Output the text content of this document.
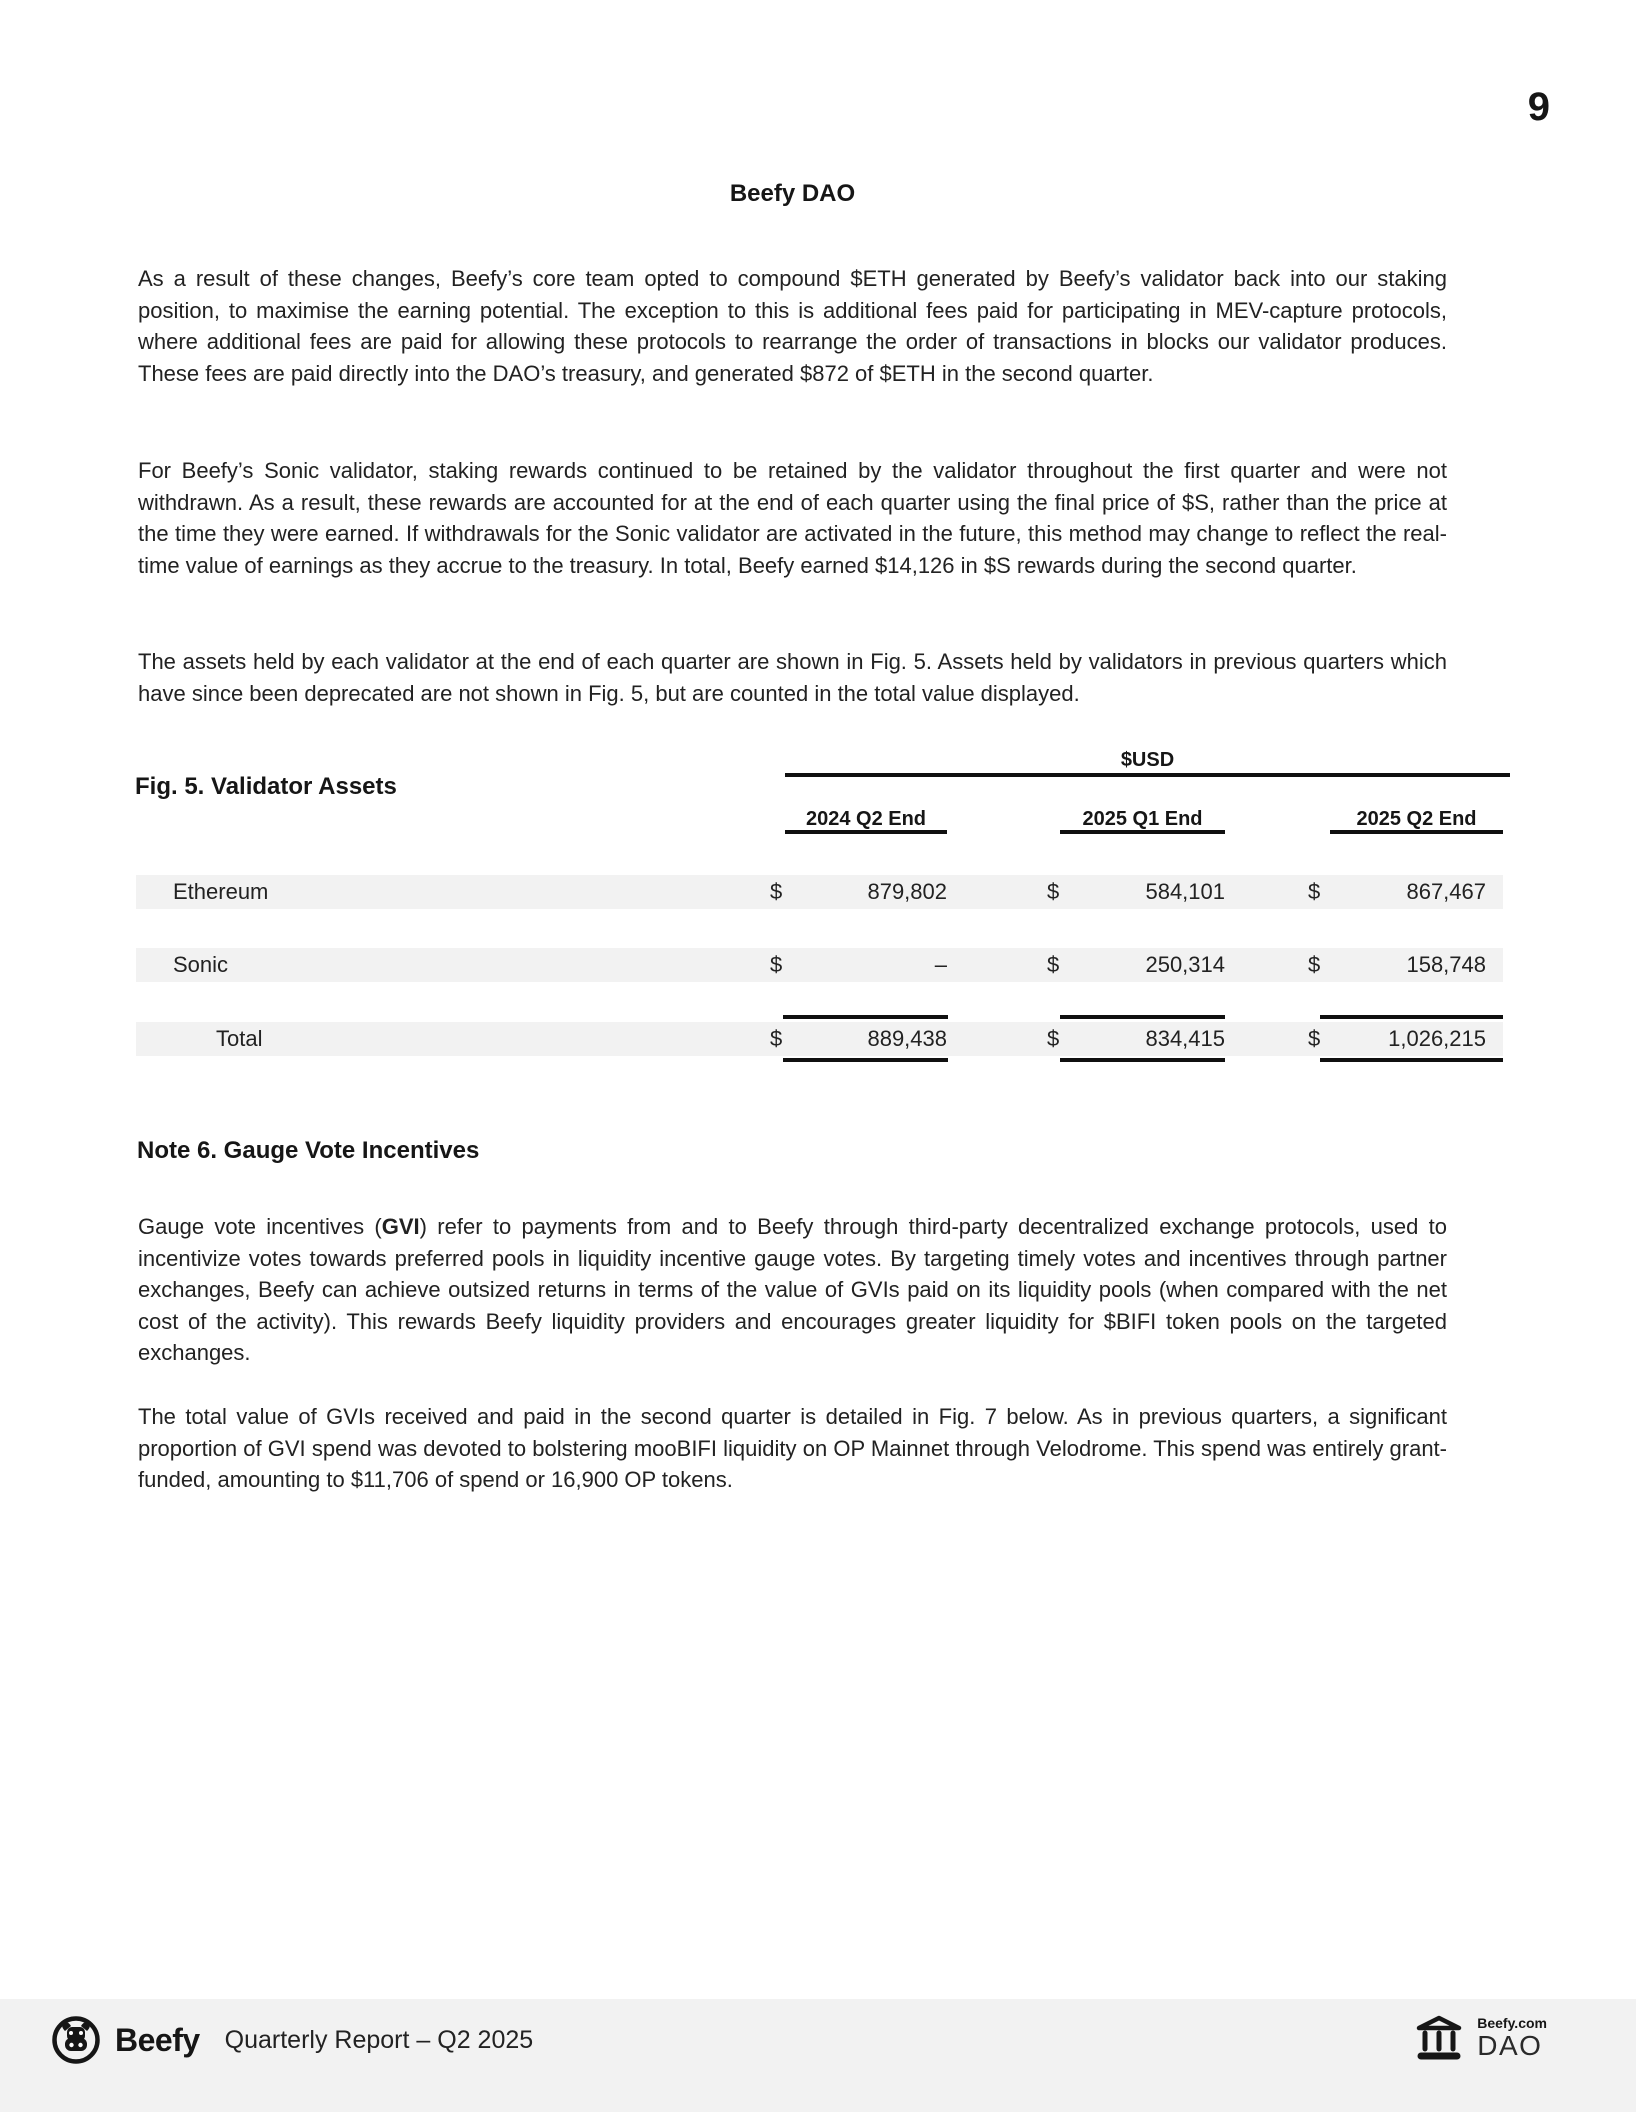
9
Beefy DAO
As a result of these changes, Beefy’s core team opted to compound $ETH generated by Beefy’s validator back into our staking position, to maximise the earning potential. The exception to this is additional fees paid for participating in MEV-capture protocols, where additional fees are paid for allowing these protocols to rearrange the order of transactions in blocks our validator produces. These fees are paid directly into the DAO’s treasury, and generated $872 of $ETH in the second quarter.
For Beefy’s Sonic validator, staking rewards continued to be retained by the validator throughout the first quarter and were not withdrawn. As a result, these rewards are accounted for at the end of each quarter using the final price of $S, rather than the price at the time they were earned. If withdrawals for the Sonic validator are activated in the future, this method may change to reflect the real-time value of earnings as they accrue to the treasury. In total, Beefy earned $14,126 in $S rewards during the second quarter.
The assets held by each validator at the end of each quarter are shown in Fig. 5. Assets held by validators in previous quarters which have since been deprecated are not shown in Fig. 5, but are counted in the total value displayed.
Fig. 5. Validator Assets
$USD
2024 Q2 End	2025 Q1 End	2025 Q2 End
Ethereum	$	879,802	$	584,101	$	867,467
Sonic	$	–	$	250,314	$	158,748
Total	$	889,438	$	834,415	$	1,026,215
Note 6. Gauge Vote Incentives
Gauge vote incentives (GVI) refer to payments from and to Beefy through third-party decentralized exchange protocols, used to incentivize votes towards preferred pools in liquidity incentive gauge votes. By targeting timely votes and incentives through partner exchanges, Beefy can achieve outsized returns in terms of the value of GVIs paid on its liquidity pools (when compared with the net cost of the activity). This rewards Beefy liquidity providers and encourages greater liquidity for $BIFI token pools on the targeted exchanges.
The total value of GVIs received and paid in the second quarter is detailed in Fig. 7 below. As in previous quarters, a significant proportion of GVI spend was devoted to bolstering mooBIFI liquidity on OP Mainnet through Velodrome. This spend was entirely grant-funded, amounting to $11,706 of spend or 16,900 OP tokens.
Beefy Quarterly Report – Q2 2025
Beefy.com
DAO
